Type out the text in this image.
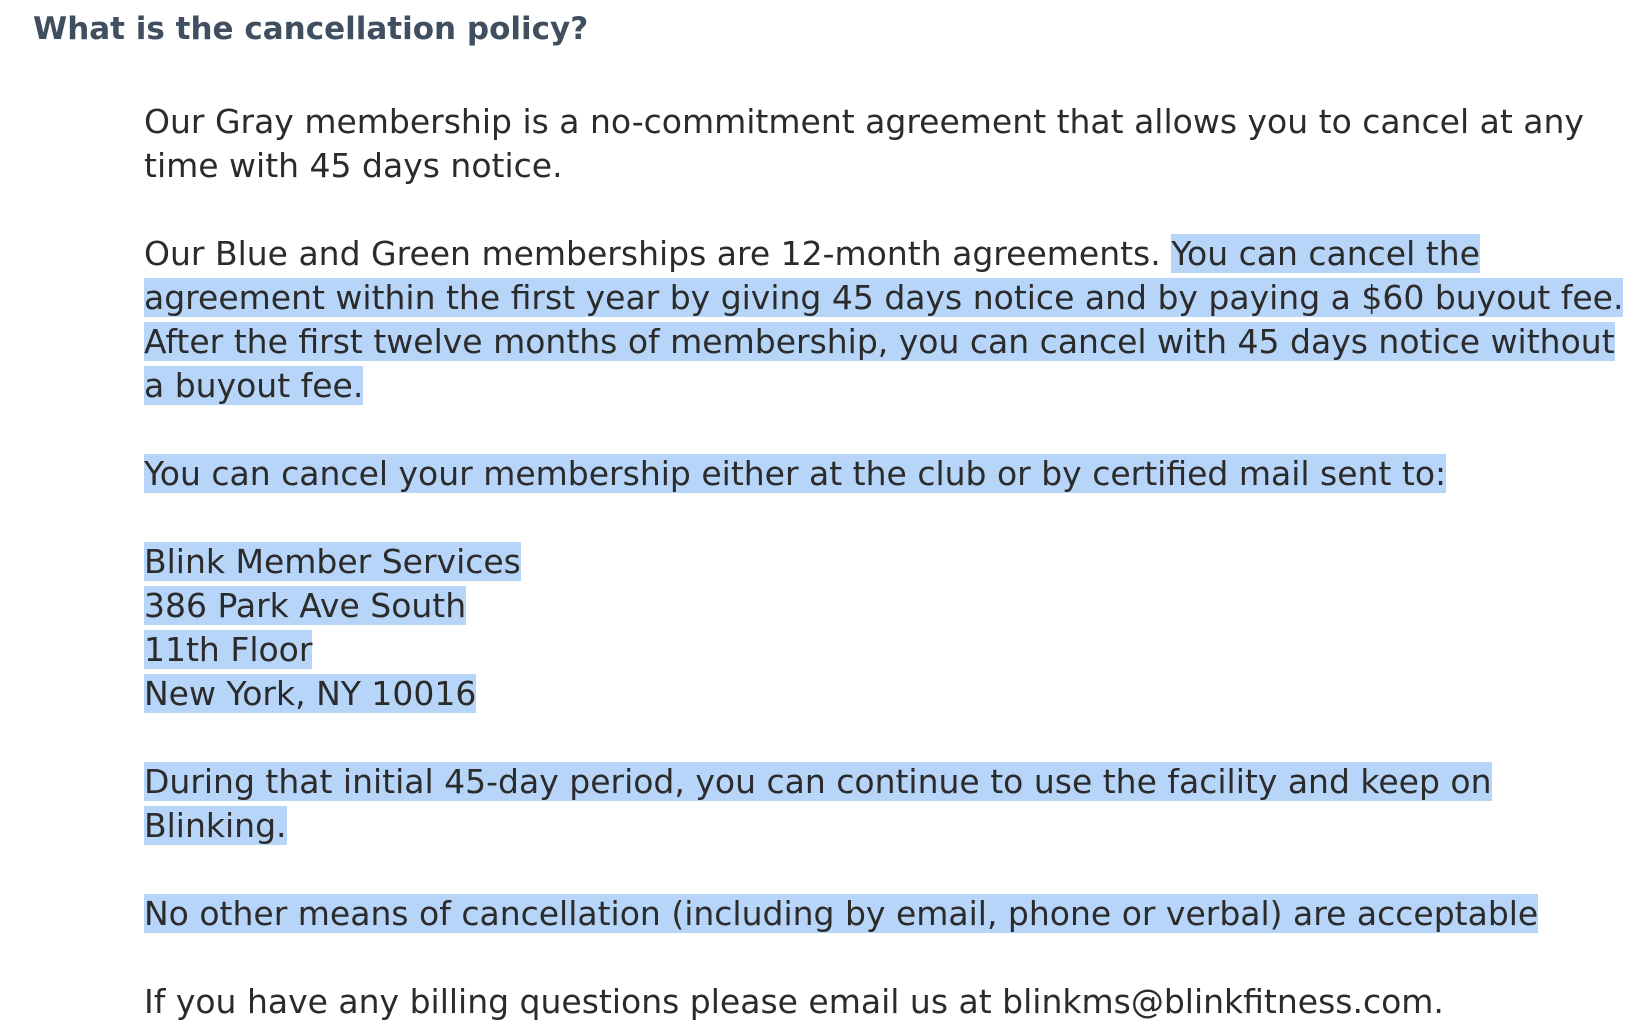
What is the cancellation policy?

Our Gray membership is a no-commitment agreement that allows you to cancel at any time with 45 days notice.

Our Blue and Green memberships are 12-month agreements. You can cancel the agreement within the first year by giving 45 days notice and by paying a $60 buyout fee. After the first twelve months of membership, you can cancel with 45 days notice without a buyout fee.

You can cancel your membership either at the club or by certified mail sent to:

Blink Member Services
386 Park Ave South
11th Floor
New York, NY 10016

During that initial 45-day period, you can continue to use the facility and keep on Blinking.

No other means of cancellation (including by email, phone or verbal) are acceptable

If you have any billing questions please email us at blinkms@blinkfitness.com.
